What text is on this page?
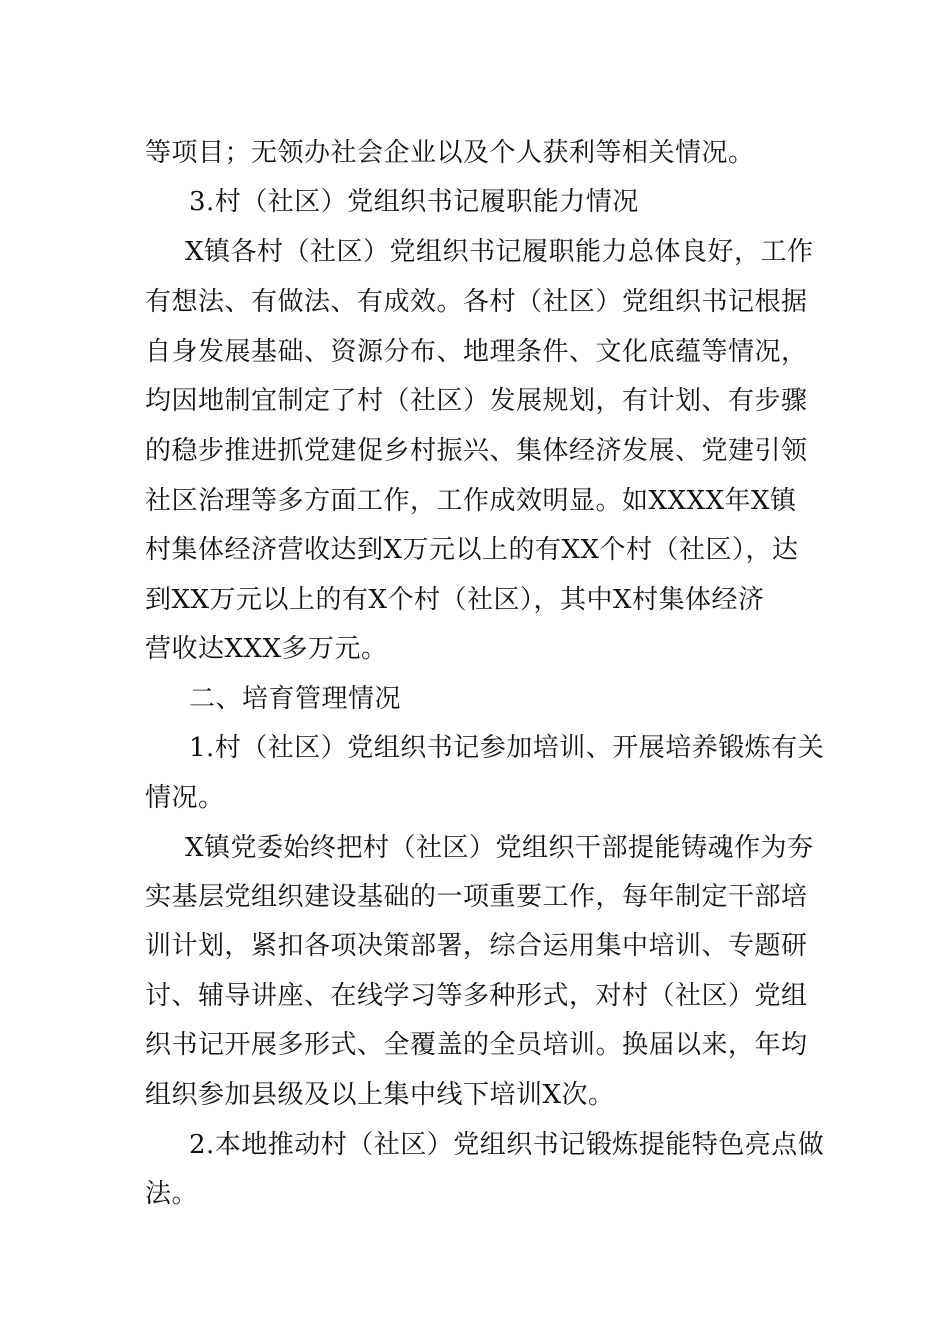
等项目；无领办社会企业以及个人获利等相关情况。
3.村（社区）党组织书记履职能力情况
X镇各村（社区）党组织书记履职能力总体良好，工作
有想法、有做法、有成效。各村（社区）党组织书记根据
自身发展基础、资源分布、地理条件、文化底蕴等情况，
均因地制宜制定了村（社区）发展规划，有计划、有步骤
的稳步推进抓党建促乡村振兴、集体经济发展、党建引领
社区治理等多方面工作，工作成效明显。如XXXX年X镇
村集体经济营收达到X万元以上的有XX个村（社区），达
到XX万元以上的有X个村（社区），其中X村集体经济
营收达XXX多万元。
二、培育管理情况
1.村（社区）党组织书记参加培训、开展培养锻炼有关
情况。
X镇党委始终把村（社区）党组织干部提能铸魂作为夯
实基层党组织建设基础的一项重要工作，每年制定干部培
训计划，紧扣各项决策部署，综合运用集中培训、专题研
讨、辅导讲座、在线学习等多种形式，对村（社区）党组
织书记开展多形式、全覆盖的全员培训。换届以来，年均
组织参加县级及以上集中线下培训X次。
2.本地推动村（社区）党组织书记锻炼提能特色亮点做
法。
